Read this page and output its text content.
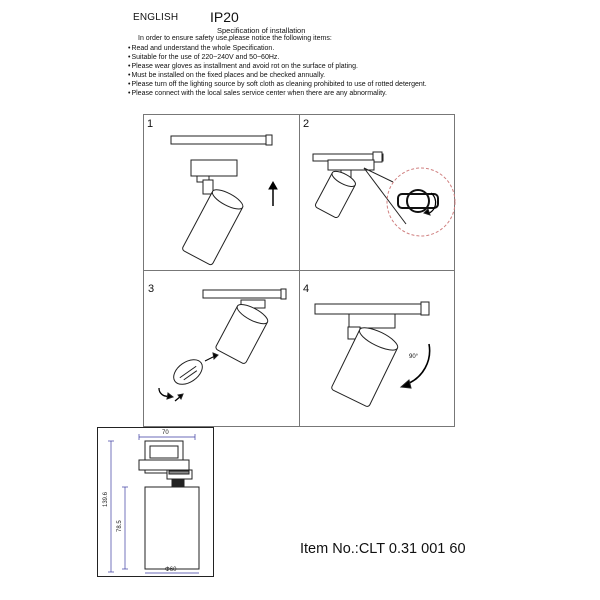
ENGLISH IP20
Specification of installation
In order to ensure safety use,please notice the following items:
• Read and understand the whole Specification.
• Suitable for the use of 220~240V and 50~60Hz.
• Please wear gloves as installment and avoid rot on the surface of plating.
• Must be installed on the fixed places and be checked annually.
• Please turn off the lighting source by soft cloth as cleaning prohibited to use of rotted detergent.
• Please connect with the local sales service center when there are any abnormality.
1	2
3	4
90°
70
139.6
78.5
Φ60
Item No.:CLT 0.31 001 60
